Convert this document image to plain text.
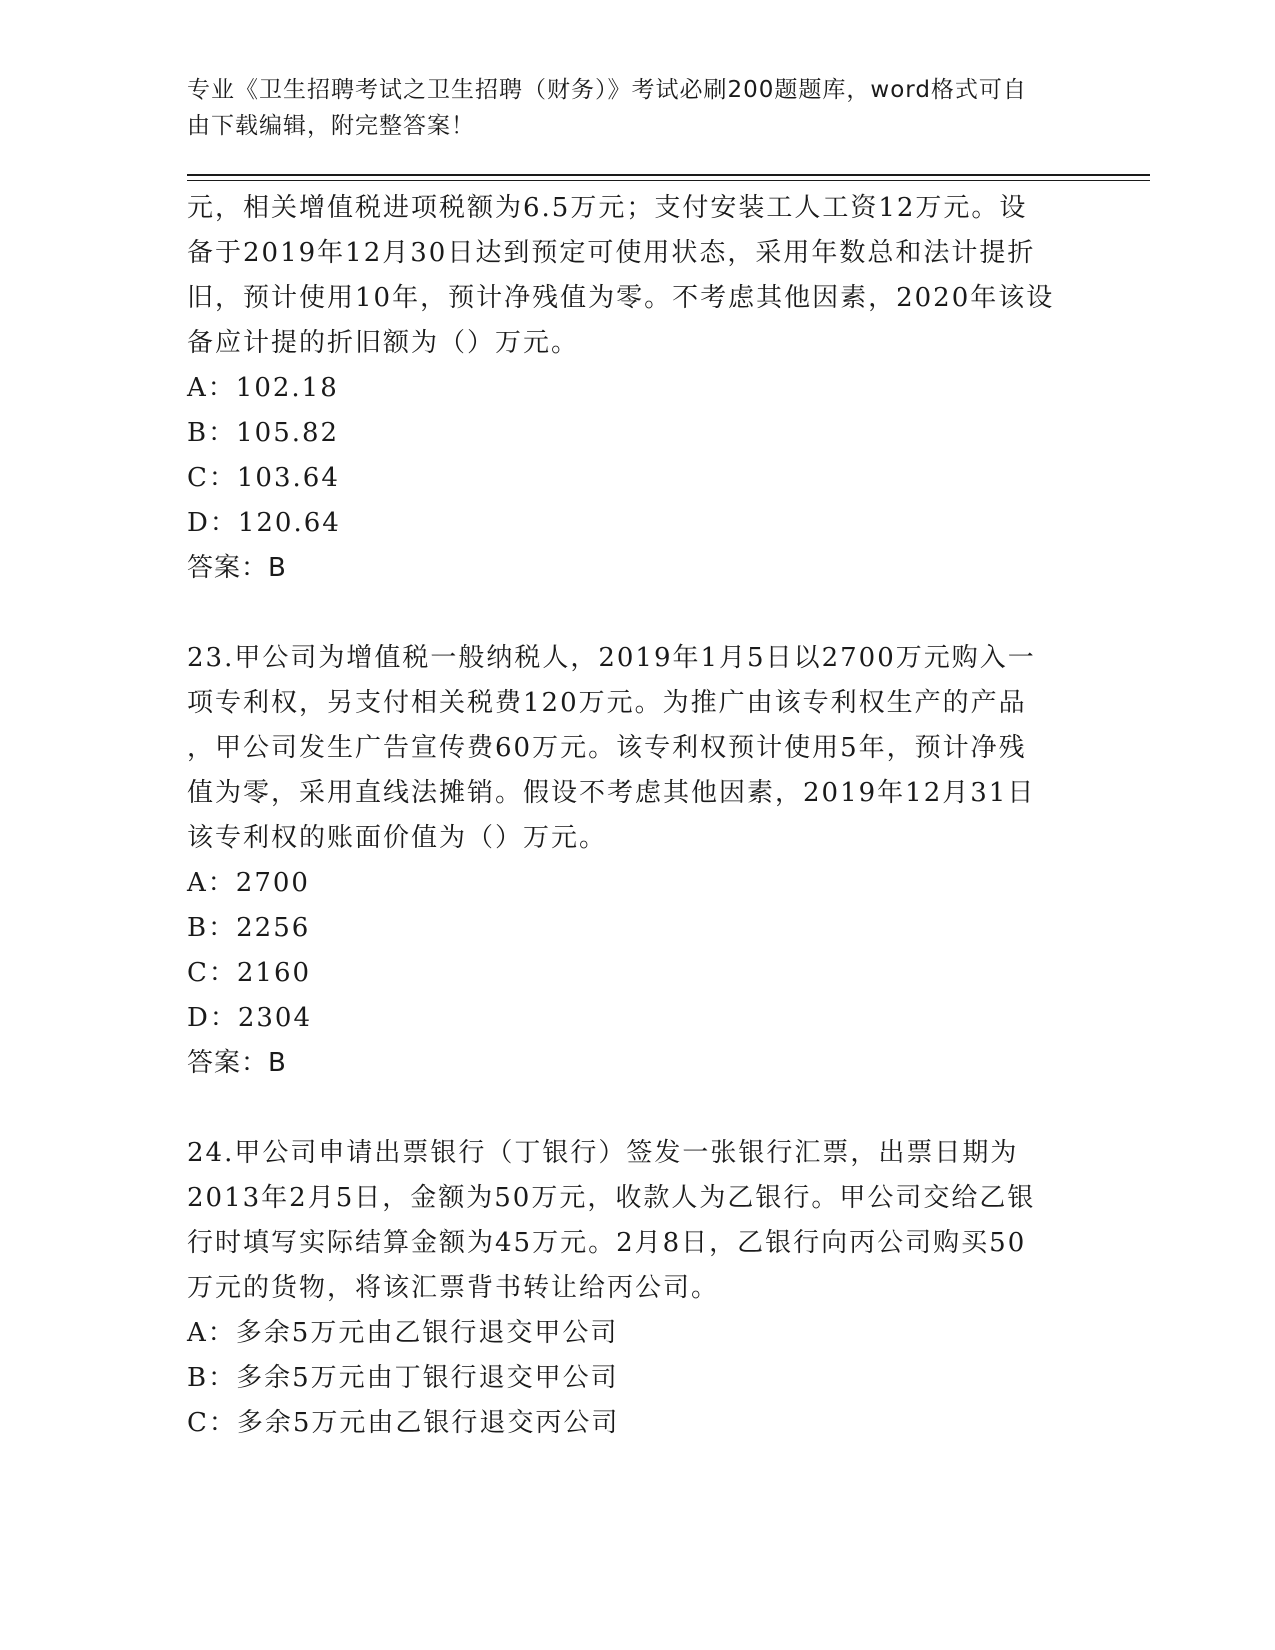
专业《卫生招聘考试之卫生招聘（财务）》考试必刷200题题库，word格式可自
由下载编辑，附完整答案！

元，相关增值税进项税额为6.5万元；支付安装工人工资12万元。设

备于2019年12月30日达到预定可使用状态，采用年数总和法计提折

旧，预计使用10年，预计净残值为零。不考虑其他因素，2020年该设

备应计提的折旧额为（）万元。

A：102.18

B：105.82

C：103.64

D：120.64

答案：B

23.甲公司为增值税一般纳税人，2019年1月5日以2700万元购入一

项专利权，另支付相关税费120万元。为推广由该专利权生产的产品

，甲公司发生广告宣传费60万元。该专利权预计使用5年，预计净残

值为零，采用直线法摊销。假设不考虑其他因素，2019年12月31日

该专利权的账面价值为（）万元。

A：2700

B：2256

C：2160

D：2304

答案：B

24.甲公司申请出票银行（丁银行）签发一张银行汇票，出票日期为

2013年2月5日，金额为50万元，收款人为乙银行。甲公司交给乙银

行时填写实际结算金额为45万元。2月8日，乙银行向丙公司购买50

万元的货物，将该汇票背书转让给丙公司。

A：多余5万元由乙银行退交甲公司

B：多余5万元由丁银行退交甲公司

C：多余5万元由乙银行退交丙公司
